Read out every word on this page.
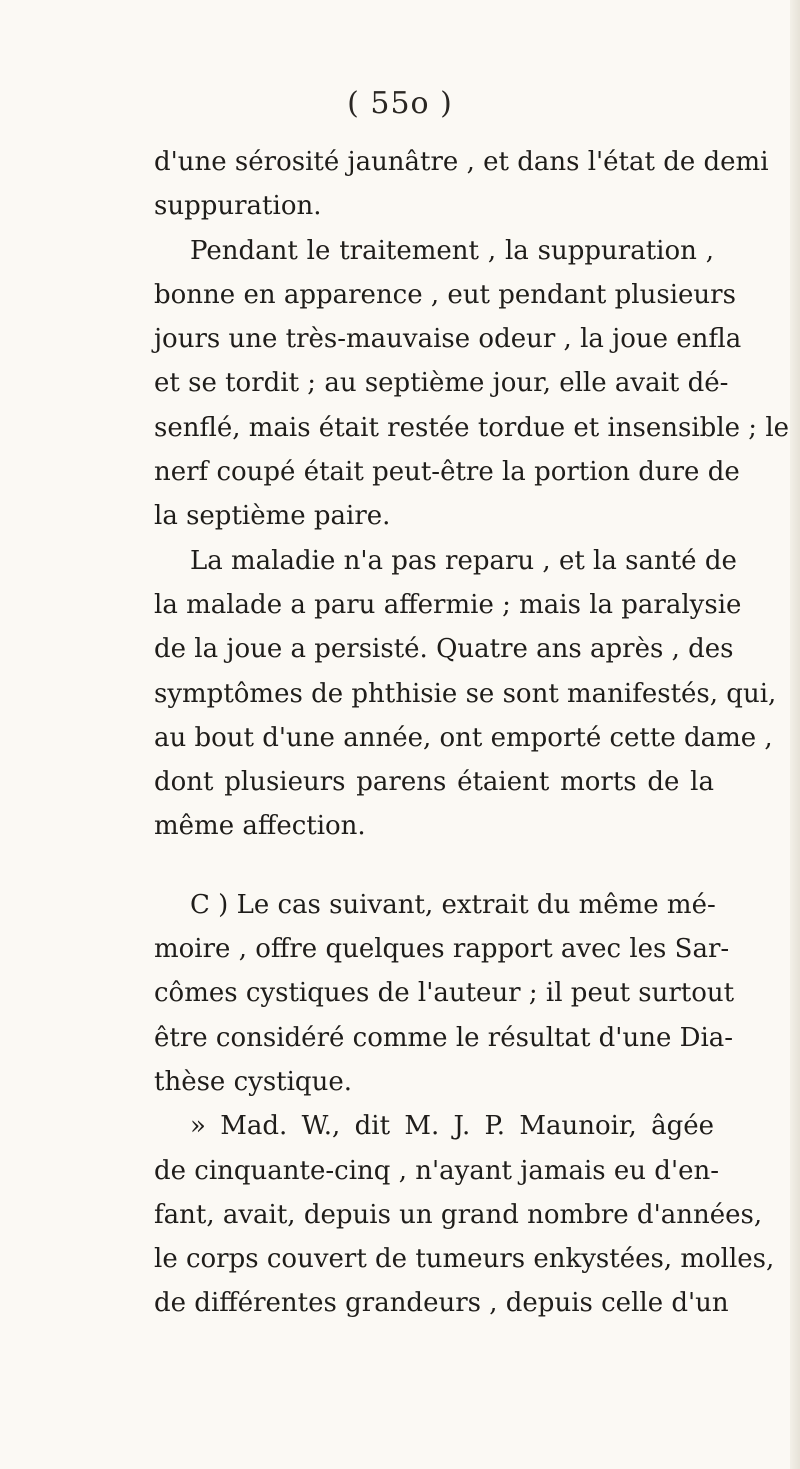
( 55o )
d'une sérosité jaunâtre , et dans l'état de demi
suppuration.
Pendant le traitement , la suppuration ,
bonne en apparence , eut pendant plusieurs
jours une très-mauvaise odeur , la joue enfla
et se tordit ; au septième jour, elle avait dé-
senflé, mais était restée tordue et insensible ; le
nerf coupé était peut-être la portion dure de
la septième paire.
La maladie n'a pas reparu , et la santé de
la malade a paru affermie ; mais la paralysie
de la joue a persisté. Quatre ans après , des
symptômes de phthisie se sont manifestés, qui,
au bout d'une année, ont emporté cette dame ,
dont plusieurs parens étaient morts de la
même affection.
C ) Le cas suivant, extrait du même mé-
moire , offre quelques rapport avec les Sar-
cômes cystiques de l'auteur ; il peut surtout
être considéré comme le résultat d'une Dia-
thèse cystique.
» Mad. W., dit M. J. P. Maunoir, âgée
de cinquante-cinq , n'ayant jamais eu d'en-
fant, avait, depuis un grand nombre d'années,
le corps couvert de tumeurs enkystées, molles,
de différentes grandeurs , depuis celle d'un
